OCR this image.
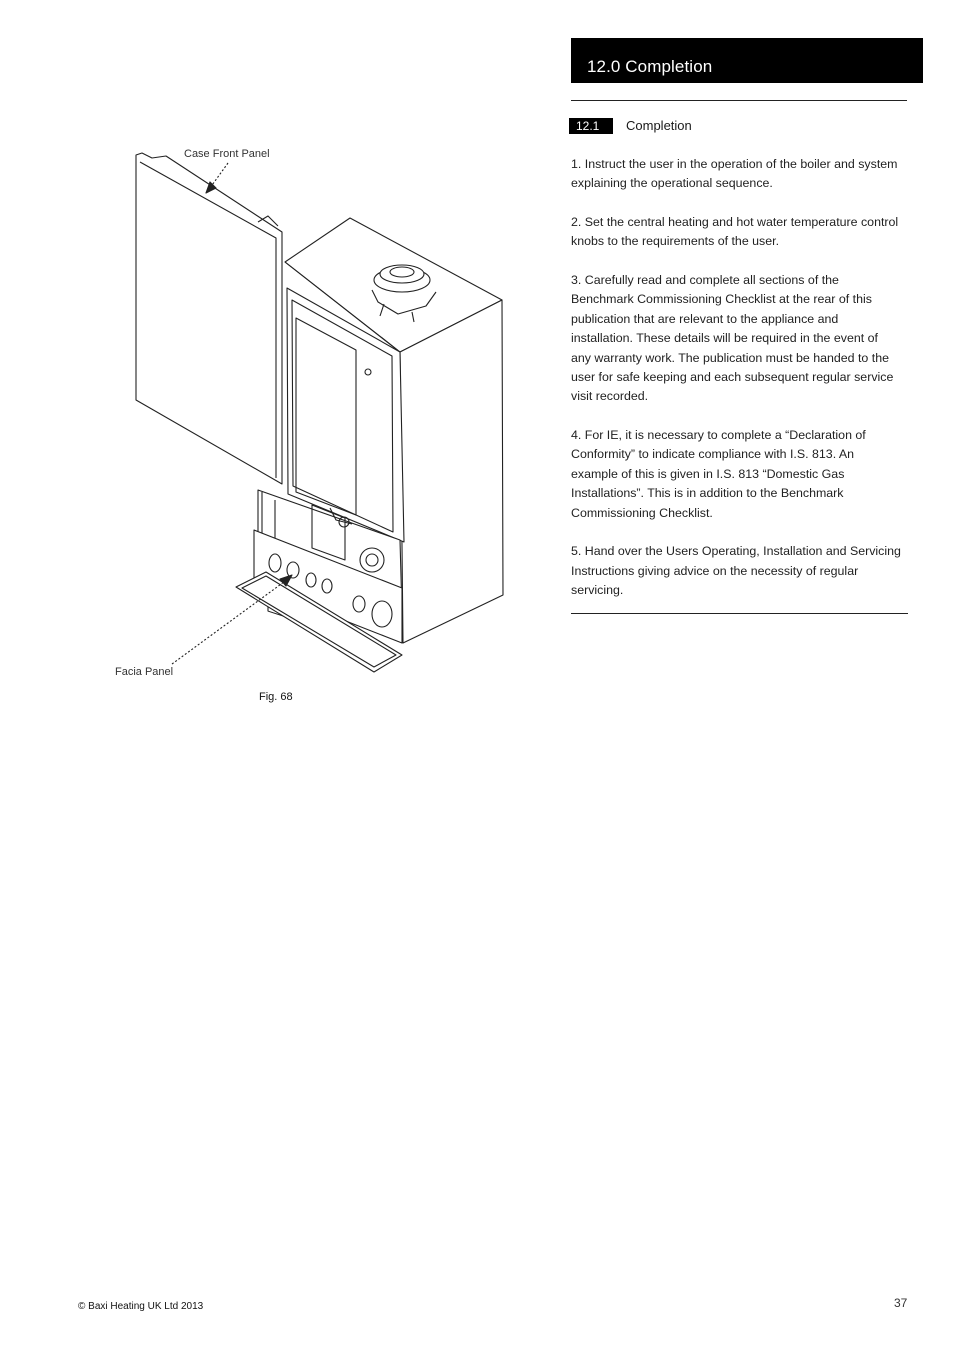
12.0 Completion
12.1	Completion

1. Instruct the user in the operation of the boiler and system explaining the operational sequence.

2. Set the central heating and hot water temperature control knobs to the requirements of the user.

3. Carefully read and complete all sections of the Benchmark Commissioning Checklist at the rear of this publication that are relevant to the appliance and installation. These details will be required in the event of any warranty work. The publication must be handed to the user for safe keeping and each subsequent regular service visit recorded.

4. For IE, it is necessary to complete a “Declaration of Conformity” to indicate compliance with I.S. 813. An example of this is given in I.S. 813 “Domestic Gas Installations”. This is in addition to the Benchmark Commissioning Checklist.

5. Hand over the Users Operating, Installation and Servicing Instructions giving advice on the necessity of regular servicing.

Case Front Panel
Facia Panel
Fig. 68
© Baxi Heating UK Ltd 2013	37
